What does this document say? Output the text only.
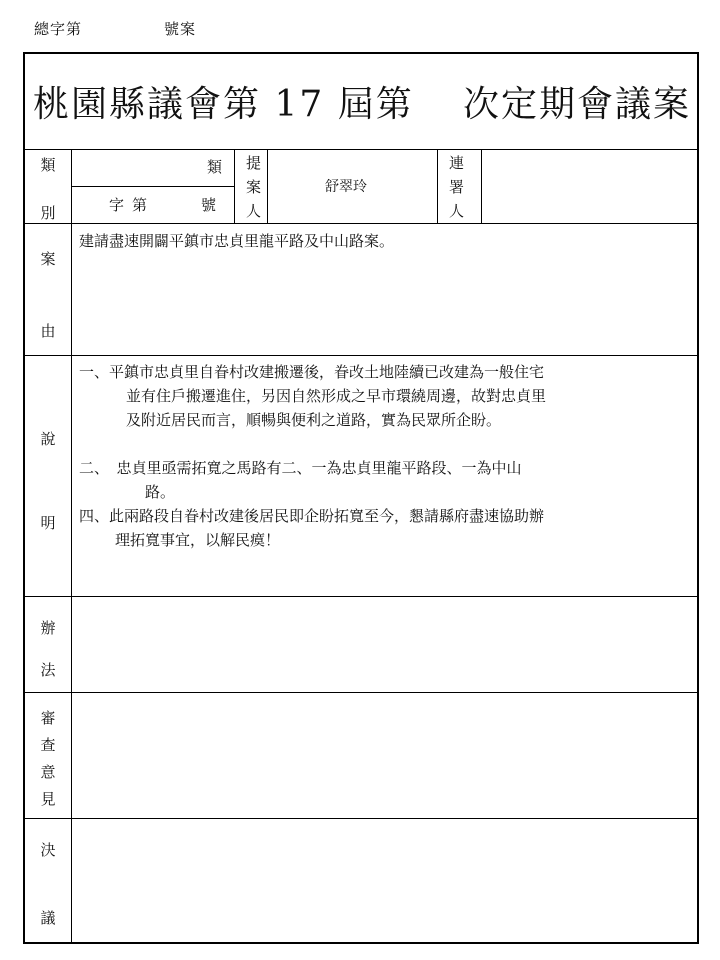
總字第	號案
桃園縣議會第 17 屆第 次定期會議案
類
別
類
字第　　號
提
案
人
舒翠玲
連
署
人
案
由
建請盡速開闢平鎮市忠貞里龍平路及中山路案。
說
明
一、平鎮市忠貞里自眷村改建搬遷後，眷改土地陸續已改建為一般住宅
並有住戶搬遷進住，另因自然形成之早市環繞周邊，故對忠貞里
及附近居民而言，順暢與便利之道路，實為民眾所企盼。
二、　忠貞里亟需拓寬之馬路有二、一為忠貞里龍平路段、一為中山
路。
四、此兩路段自眷村改建後居民即企盼拓寬至今，懇請縣府盡速協助辦
理拓寬事宜，以解民瘼！
辦
法
審
查
意
見
決
議
